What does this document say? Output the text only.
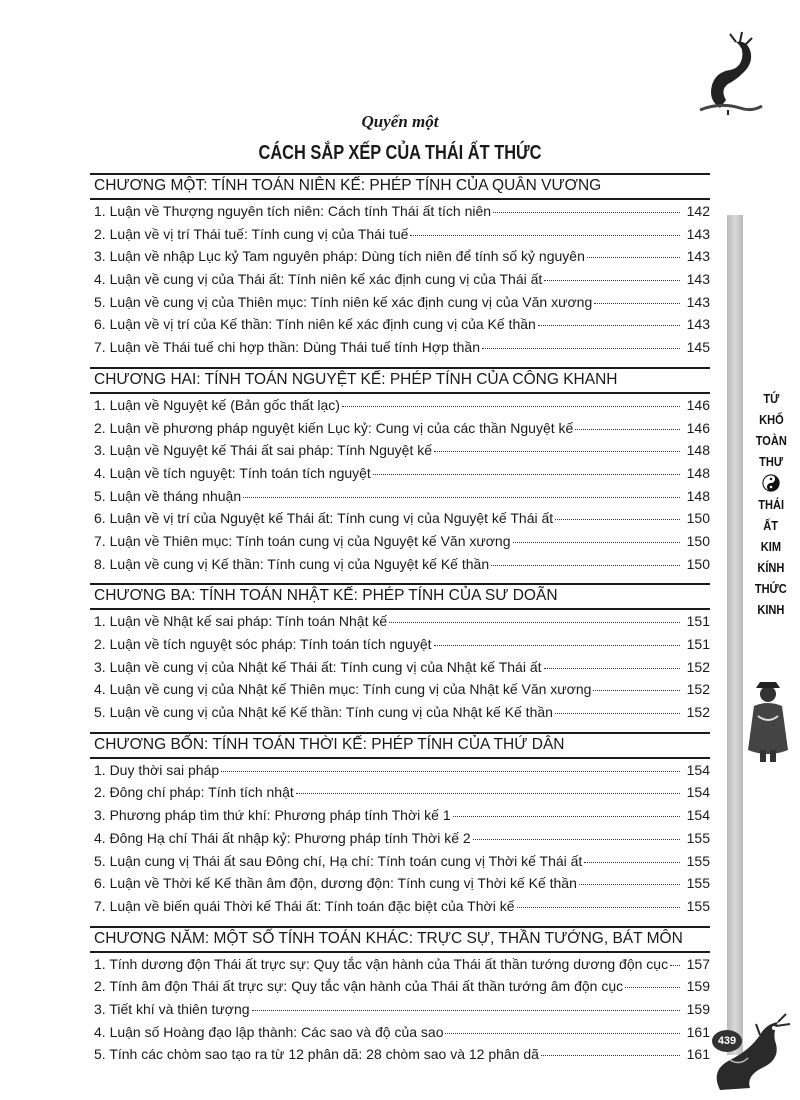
Quyển một
CÁCH SẮP XẾP CỦA THÁI ẤT THỨC
CHƯƠNG MỘT: TÍNH TOÁN NIÊN KẾ: PHÉP TÍNH CỦA QUÂN VƯƠNG
1. Luận về Thượng nguyên tích niên: Cách tính Thái ất tích niên	142
2. Luận về vị trí Thái tuế: Tính cung vị của Thái tuế	143
3. Luận về nhập Lục kỷ Tam nguyên pháp: Dùng tích niên để tính số kỷ nguyên	143
4. Luận về cung vị của Thái ất: Tính niên kế xác định cung vị của Thái ất	143
5. Luận về cung vị của Thiên mục: Tính niên kế xác định cung vị của Văn xương	143
6. Luận về vị trí của Kế thần: Tính niên kế xác định cung vị của Kế thần	143
7. Luận về Thái tuế chi hợp thần: Dùng Thái tuế tính Hợp thần	145
CHƯƠNG HAI: TÍNH TOÁN NGUYỆT KẾ: PHÉP TÍNH CỦA CÔNG KHANH
1. Luận về Nguyệt kế (Bản gốc thất lạc)	146
2. Luận về phương pháp nguyệt kiến Lục kỷ: Cung vị của các thần Nguyệt kế	146
3. Luận về Nguyệt kế Thái ất sai pháp: Tính Nguyệt kế	148
4. Luận về tích nguyệt: Tính toán tích nguyệt	148
5. Luận về tháng nhuận	148
6. Luận về vị trí của Nguyệt kế Thái ất: Tính cung vị của Nguyệt kế Thái ất	150
7. Luận về Thiên mục: Tính toán cung vị của Nguyệt kế Văn xương	150
8. Luận về cung vị Kế thần: Tính cung vị của Nguyệt kế Kế thần	150
CHƯƠNG BA: TÍNH TOÁN NHẬT KẾ: PHÉP TÍNH CỦA SƯ DOÃN
1. Luận về Nhật kế sai pháp: Tính toán Nhật kế	151
2. Luận về tích nguyệt sóc pháp: Tính toán tích nguyệt	151
3. Luận về cung vị của Nhật kế Thái ất: Tính cung vị của Nhật kế Thái ất	152
4. Luận về cung vị của Nhật kế Thiên mục: Tính cung vị của Nhật kế Văn xương	152
5. Luận về cung vị của Nhật kế Kế thần: Tính cung vị của Nhật kế Kế thần	152
CHƯƠNG BỐN: TÍNH TOÁN THỜI KẾ: PHÉP TÍNH CỦA THỨ DÂN
1. Duy thời sai pháp	154
2. Đông chí pháp: Tính tích nhật	154
3. Phương pháp tìm thứ khí: Phương pháp tính Thời kế 1	154
4. Đông Hạ chí Thái ất nhập kỷ: Phương pháp tính Thời kế 2	155
5. Luận cung vị Thái ất sau Đông chí, Hạ chí: Tính toán cung vị Thời kế Thái ất	155
6. Luận về Thời kế Kế thần âm độn, dương độn: Tính cung vị Thời kế Kế thần	155
7. Luận về biến quái Thời kế Thái ất: Tính toán đặc biệt của Thời kế	155
CHƯƠNG NĂM: MỘT SỐ TÍNH TOÁN KHÁC: TRỰC SỰ, THẦN TƯỚNG, BÁT MÔN
1. Tính dương độn Thái ất trực sự: Quy tắc vận hành của Thái ất thần tướng dương độn cục	157
2. Tính âm độn Thái ất trực sự: Quy tắc vận hành của Thái ất thần tướng âm độn cục	159
3. Tiết khí và thiên tượng	159
4. Luận số Hoàng đạo lập thành: Các sao và độ của sao	161
5. Tính các chòm sao tạo ra từ 12 phân dã: 28 chòm sao và 12 phân dã	161
TỨ
KHỐ
TOÀN
THƯ
THÁI
ẤT
KIM
KÍNH
THỨC
KINH
439
